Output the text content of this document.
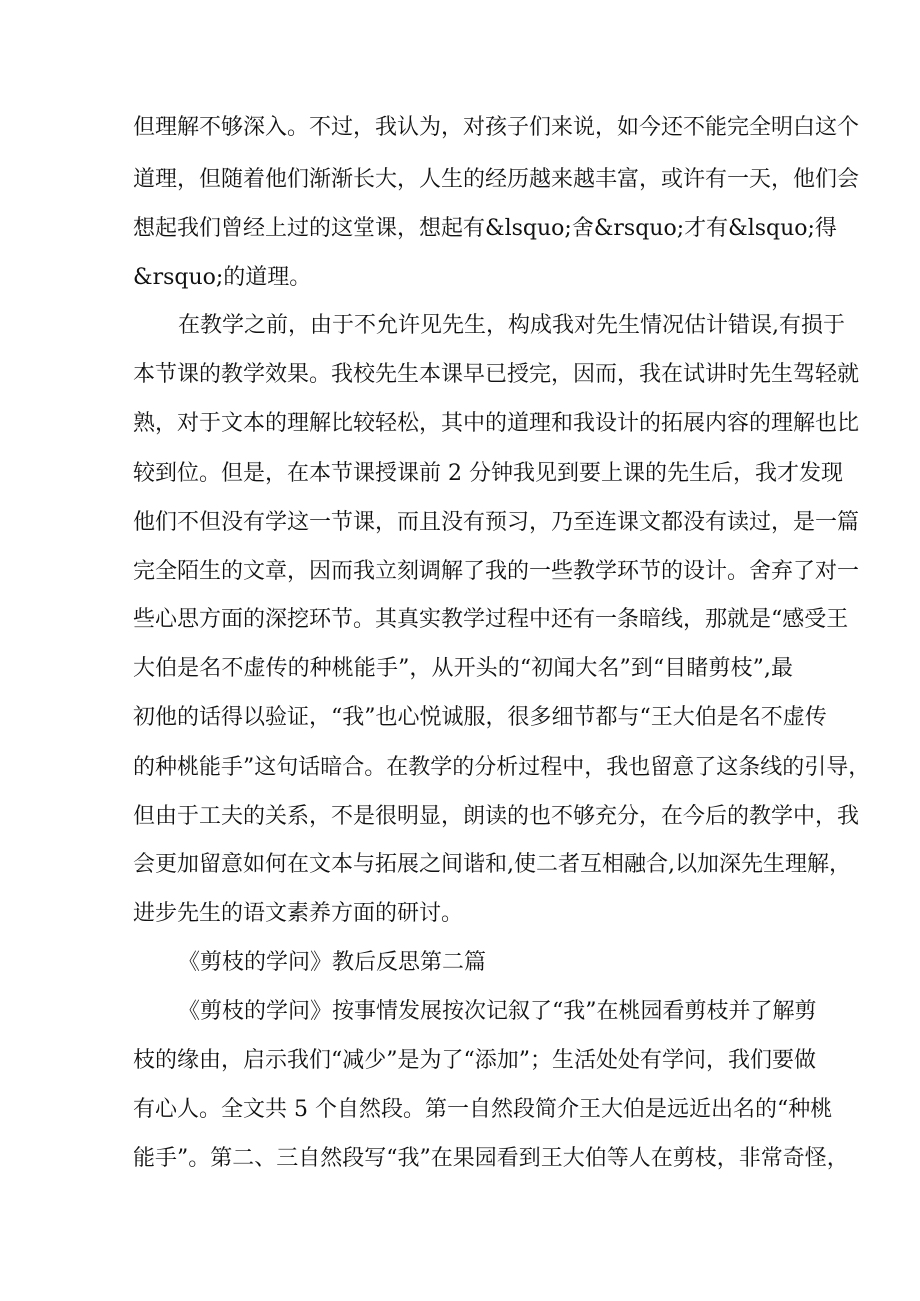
但理解不够深入。不过，我认为，对孩子们来说，如今还不能完全明白这个
道理，但随着他们渐渐长大，人生的经历越来越丰富，或许有一天，他们会
想起我们曾经上过的这堂课，想起有&lsquo;舍&rsquo;才有&lsquo;得
&rsquo;的道理。
在教学之前，由于不允许见先生，构成我对先生情况估计错误,有损于
本节课的教学效果。我校先生本课早已授完，因而，我在试讲时先生驾轻就
熟，对于文本的理解比较轻松，其中的道理和我设计的拓展内容的理解也比
较到位。但是，在本节课授课前 2 分钟我见到要上课的先生后，我才发现
他们不但没有学这一节课，而且没有预习，乃至连课文都没有读过，是一篇
完全陌生的文章，因而我立刻调解了我的一些教学环节的设计。舍弃了对一
些心思方面的深挖环节。其真实教学过程中还有一条暗线，那就是“感受王
大伯是名不虚传的种桃能手”，从开头的“初闻大名”到“目睹剪枝”,最
初他的话得以验证，“我”也心悦诚服，很多细节都与“王大伯是名不虚传
的种桃能手”这句话暗合。在教学的分析过程中，我也留意了这条线的引导，
但由于工夫的关系，不是很明显，朗读的也不够充分，在今后的教学中，我
会更加留意如何在文本与拓展之间谐和,使二者互相融合,以加深先生理解，
进步先生的语文素养方面的研讨。
《剪枝的学问》教后反思第二篇
《剪枝的学问》按事情发展按次记叙了“我”在桃园看剪枝并了解剪
枝的缘由，启示我们“减少”是为了“添加”；生活处处有学问，我们要做
有心人。全文共 5 个自然段。第一自然段简介王大伯是远近出名的“种桃
能手”。第二、三自然段写“我”在果园看到王大伯等人在剪枝，非常奇怪，
